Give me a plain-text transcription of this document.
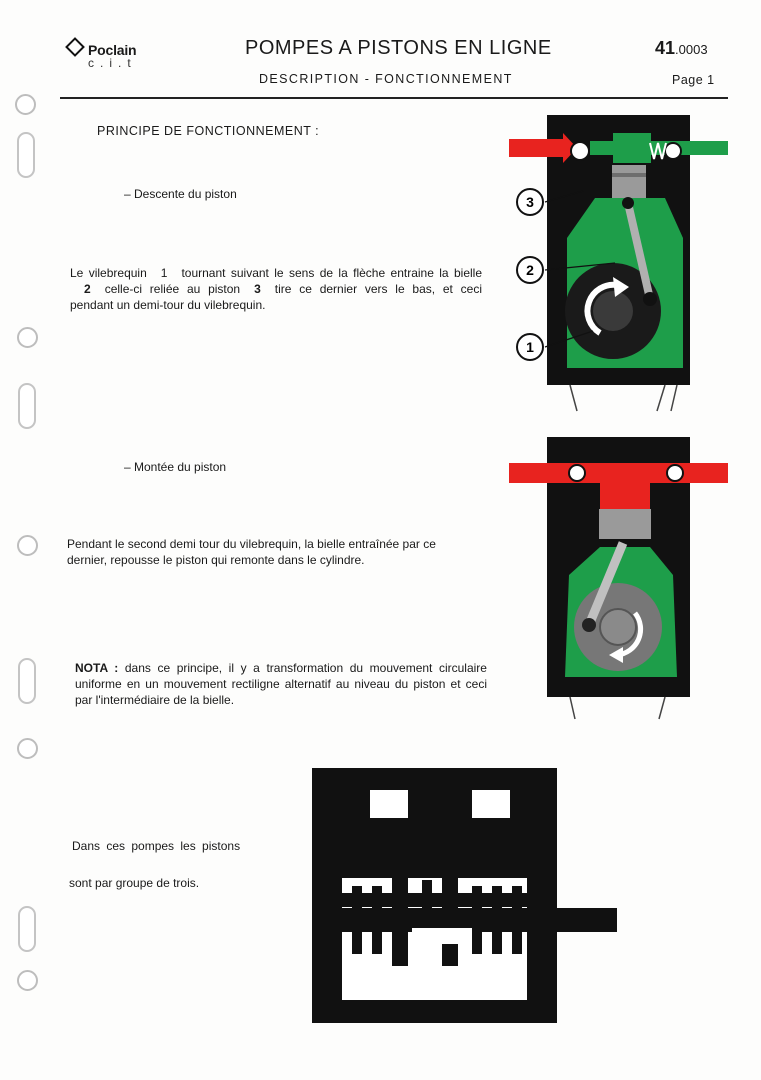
Poclain
c.i.t
POMPES A PISTONS EN LIGNE
DESCRIPTION - FONCTIONNEMENT
41.0003
Page 1
PRINCIPE DE FONCTIONNEMENT :
– Descente du piston
Le vilebrequin 1 tournant suivant le sens de la flèche entraine la bielle2 celle-ci reliée au piston 3 tire ce dernier vers le bas, et ceci pendant un demi-tour du vilebrequin.
– Montée du piston
Pendant le second demi tour du vilebrequin, la bielle entraînée par ce dernier, repousse le piston qui remonte dans le cylindre.
NOTA : dans ce principe, il y a transformation du mouvement circulaire uniforme en un mouvement rectiligne alternatif au niveau du piston et ceci par l'intermédiaire de la bielle.
Dans ces pompes les pistons
sont par groupe de trois.
3
2
1
